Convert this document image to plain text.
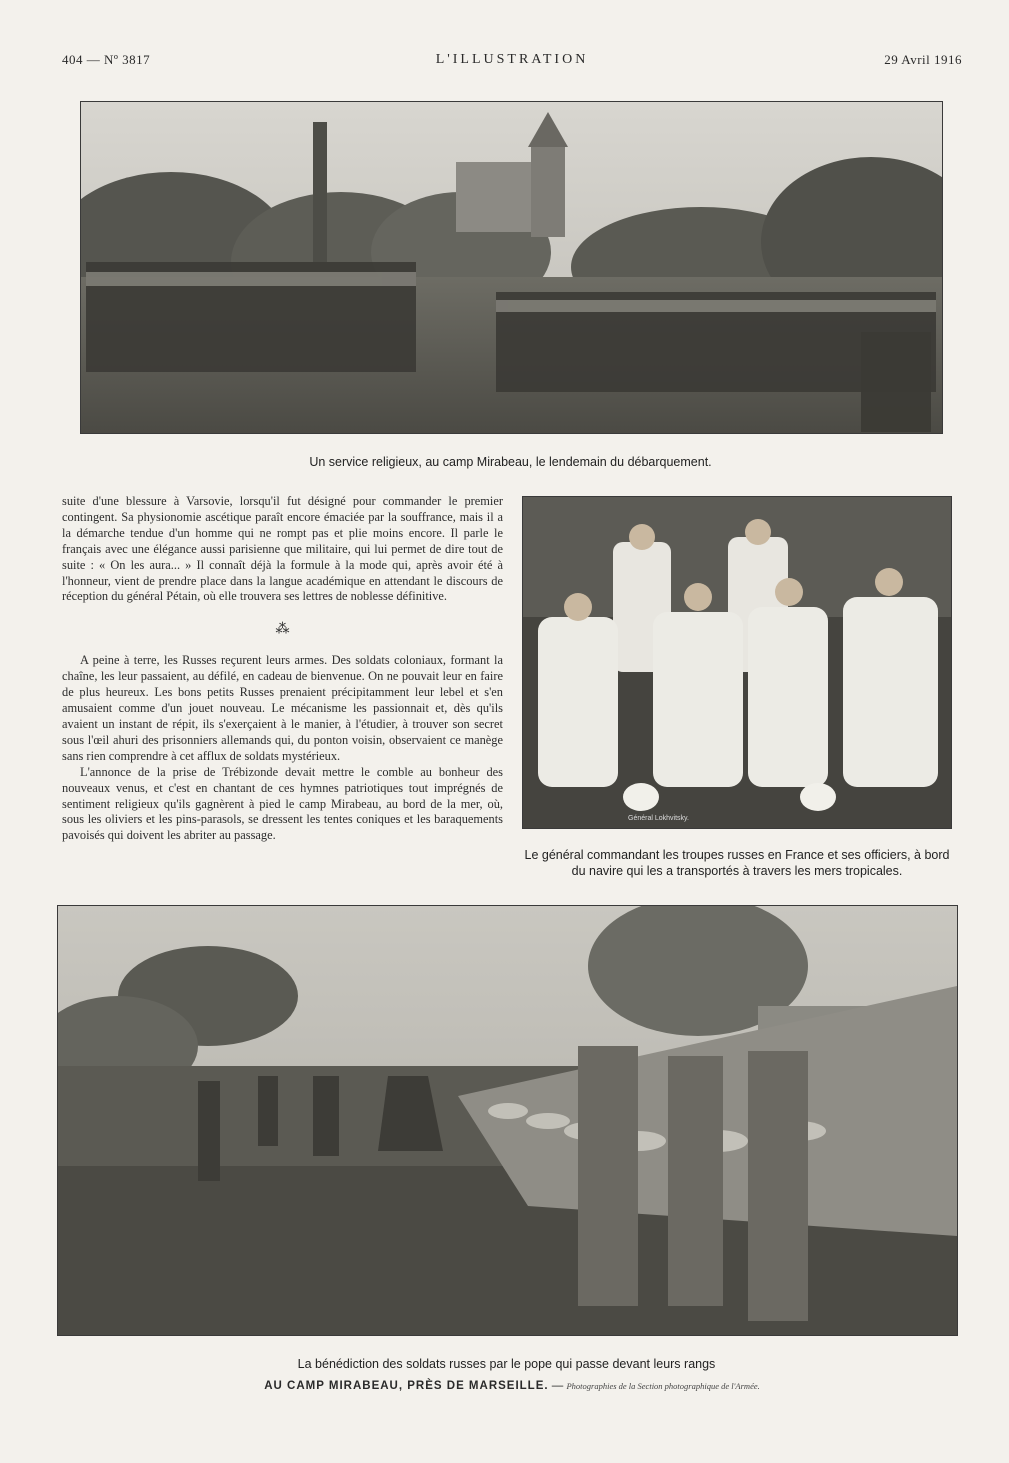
404 — Nº 3817	L'ILLUSTRATION	29 Avril 1916
Un service religieux, au camp Mirabeau, le lendemain du débarquement.

suite d'une blessure à Varsovie, lorsqu'il fut désigné pour commander le premier contingent. Sa physionomie ascétique paraît encore émaciée par la souffrance, mais il a la démarche tendue d'un homme qui ne rompt pas et plie moins encore. Il parle le français avec une élégance aussi parisienne que militaire, qui lui permet de dire tout de suite : « On les aura... » Il connaît déjà la formule à la mode qui, après avoir été à l'honneur, vient de prendre place dans la langue académique en attendant le discours de réception du général Pétain, où elle trouvera ses lettres de noblesse définitive.

⁂

A peine à terre, les Russes reçurent leurs armes. Des soldats coloniaux, formant la chaîne, les leur passaient, au défilé, en cadeau de bienvenue. On ne pouvait leur en faire de plus heureux. Les bons petits Russes prenaient précipitamment leur lebel et s'en amusaient comme d'un jouet nouveau. Le mécanisme les passionnait et, dès qu'ils avaient un instant de répit, ils s'exerçaient à le manier, à l'étudier, à trouver son secret sous l'œil ahuri des prisonniers allemands qui, du ponton voisin, observaient ce manège sans rien comprendre à cet afflux de soldats mystérieux.

L'annonce de la prise de Trébizonde devait mettre le comble au bonheur des nouveaux venus, et c'est en chantant de ces hymnes patriotiques tout imprégnés de sentiment religieux qu'ils gagnèrent à pied le camp Mirabeau, au bord de la mer, où, sous les oliviers et les pins-parasols, se dressent les tentes coniques et les baraquements pavoisés qui doivent les abriter au passage.

Général Lokhvitsky.
Le général commandant les troupes russes en France et ses officiers, à bord
du navire qui les a transportés à travers les mers tropicales.
La bénédiction des soldats russes par le pope qui passe devant leurs rangs
AU CAMP MIRABEAU, PRÈS DE MARSEILLE. — Photographies de la Section photographique de l'Armée.
